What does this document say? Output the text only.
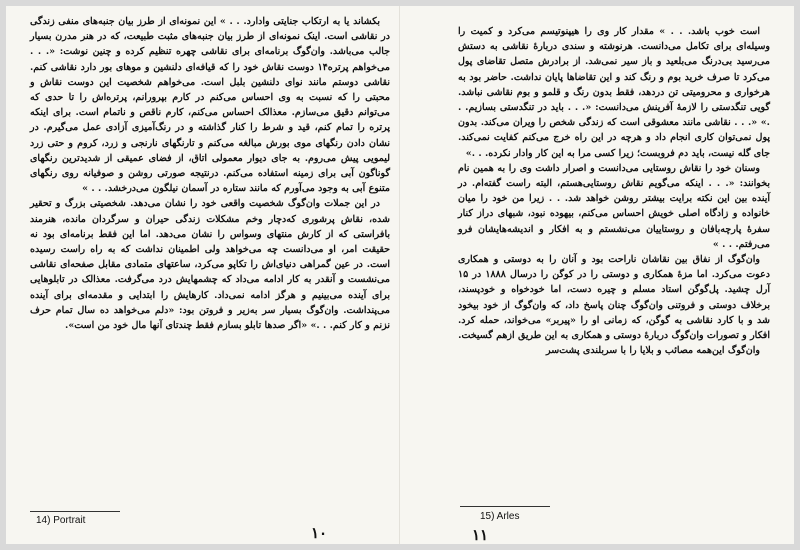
بکشاند یا به ارتکاب جنایتی وادارد. . . » این نمونه‌ای از طرز بیان جنبه‌های منفی زندگی در نقاشی است. اینک نمونه‌ای از طرز بیان جنبه‌های مثبت طبیعت، که در هنر مدرن بسیار جالب می‌باشد. وان‌گوگ برنامه‌ای برای نقاشی چهره تنظیم کرده و چنین نوشت: «. . . می‌خواهم پرتره۱۴ دوست نقاش خود را که قیافه‌ای دلنشین و موهای بور دارد نقاشی کنم. نقاشی دوستم مانند نوای دلنشین بلبل است. می‌خواهم شخصیت این دوست نقاش و محبتی را که نسبت به وی احساس می‌کنم در کارم بپرورانم، پرتره‌اش را تا حدی که می‌توانم دقیق می‌سازم. معذالک احساس می‌کنم، کارم ناقص و ناتمام است. برای اینکه پرتره را تمام کنم، قید و شرط را کنار گذاشته و در رنگ‌آمیزی آزادی عمل می‌گیرم. در نشان دادن رنگهای موی بورش مبالغه می‌کنم و تارنگهای نارنجی و زرد، کروم و حتی زرد لیمویی پیش می‌روم. به جای دیوار معمولی اتاق، از فضای عمیقی از شدیدترین رنگهای گوناگون آبی برای زمینه استفاده می‌کنم. درنتیجه صورتی روشن و صوفیانه روی رنگهای متنوع آبی به وجود می‌آورم که مانند ستاره در آسمان نیلگون می‌درخشد. . . »

در این جملات وان‌گوگ شخصیت واقعی خود را نشان می‌دهد. شخصیتی بزرگ و تحقیر شده، نقاش پرشوری که‌دچار وخم مشکلات زندگی حیران و سرگردان مانده، هنرمند بافراستی که از کارش منتهای وسواس را نشان می‌دهد. اما این فقط برنامه‌ای بود نه حقیقت امر، او می‌دانست چه می‌خواهد ولی اطمینان نداشت که به راه راست رسیده است. در عین گمراهی دنیای‌اش را تکاپو می‌کرد، ساعتهای متمادی مقابل صفحه‌ای نقاشی می‌نشست و آنقدر به کار ادامه می‌داد که چشمهایش درد می‌گرفت. معذالک در تابلوهایی برای آینده می‌بینیم و هرگز ادامه نمی‌داد. کارهایش را ابتدایی و مقدمه‌ای برای آینده می‌پنداشت. وان‌گوگ بسیار سر به‌زیر و فروتن بود: «دلم می‌خواهد ده سال تمام حرف نزنم و کار کنم. . .» «اگر صدها تابلو بسازم فقط چندتای آنها مال خود من است».

14) Portrait
۱۰

است خوب باشد. . . » مقدار کار وی را هیپنوتیسم می‌کرد و کمیت را وسیله‌ای برای تکامل می‌دانست. هرنوشته و سندی دربارۀ نقاشی به دستش می‌رسید بی‌درنگ می‌بلعید و باز سیر نمی‌شد. از برادرش متصل تقاضای پول می‌کرد تا صرف خرید بوم و رنگ کند و این تقاضاها پایان نداشت. حاضر بود به هرخواری و محرومیتی تن دردهد، فقط بدون رنگ و قلمو و بوم نقاشی نباشد. گویی تنگدستی را لازمۀ آفرینش می‌دانست: «. . . باید در تنگدستی بسازیم. . .» «. . . نقاشی مانند معشوقی است که زندگی شخص را ویران می‌کند. بدون پول نمی‌توان کاری انجام داد و هرچه در این راه خرج می‌کنم کفایت نمی‌کند. جای گله نیست، باید دم فروبست؛ زیرا کسی مرا به این کار وادار نکرده. . .»

وسنان خود را نقاش روستایی می‌دانست و اصرار داشت وی را به همین نام بخوانند: «. . . اینکه می‌گویم نقاش روستایی‌هستم، البته راست گفته‌ام. در آینده بین این نکته برایت بیشتر روشن خواهد شد. . . زیرا من خود را میان خانواده و زادگاه اصلی خویش احساس می‌کنم، بیهوده نبود، شبهای دراز کنار سفرۀ پارچه‌بافان و روستاییان می‌نشستم و به افکار و اندیشه‌هایشان فرو می‌رفتم. . . »

وان‌گوگ از نفاق بین نقاشان ناراحت بود و آنان را به دوستی و همکاری دعوت می‌کرد. اما مزۀ همکاری و دوستی را در کوگن را درسال ۱۸۸۸ در ۱۵ آرل چشید. پل‌گوگن استاد مسلم و چیره دست، اما خودخواه و خودپسند، برخلاف دوستی و فروتنی وان‌گوگ چنان پاسخ داد، که وان‌گوگ از خود بیخود شد و با کارد نقاشی به گوگن، که زمانی او را «پیربر» می‌خواند، حمله کرد. افکار و تصورات وان‌گوگ دربارۀ دوستی و همکاری به این طریق ازهم گسیخت.

وان‌گوگ این‌همه مصائب و بلایا را با سربلندی پشت‌سر

15) Arles
۱۱
